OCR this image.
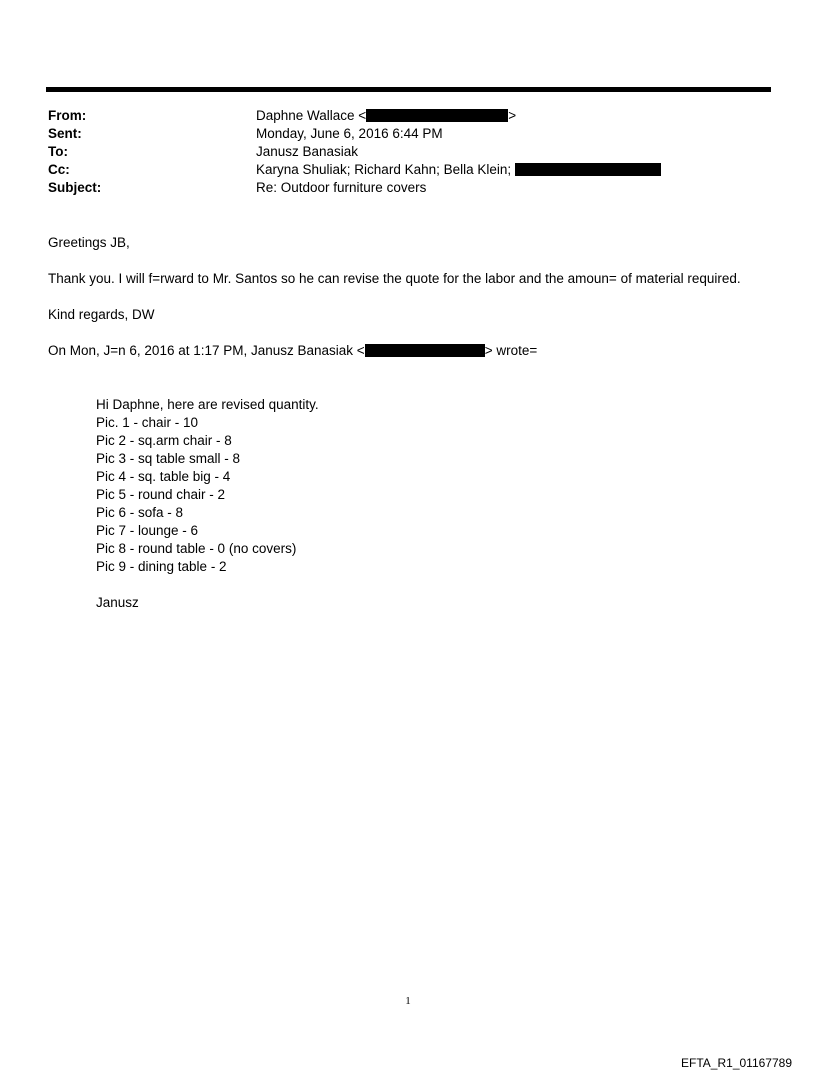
From:	Daphne Wallace <	>
Sent:	Monday, June 6, 2016 6:44 PM
To:	Janusz Banasiak
Cc:	Karyna Shuliak; Richard Kahn; Bella Klein;
Subject:	Re: Outdoor furniture covers
Greetings JB,
Thank you. I will f=rward to Mr. Santos so he can revise the quote for the labor and the amoun= of material required.
Kind regards, DW
On Mon, J=n 6, 2016 at 1:17 PM, Janusz Banasiak <	> wrote=
Hi Daphne, here are revised quantity.
Pic. 1 - chair - 10
Pic 2 - sq.arm chair - 8
Pic 3 - sq table small - 8
Pic 4 - sq. table big - 4
Pic 5 - round chair - 2
Pic 6 - sofa - 8
Pic 7 - lounge - 6
Pic 8 - round table - 0 (no covers)
Pic 9 - dining table - 2
Janusz
1
EFTA_R1_01167789
